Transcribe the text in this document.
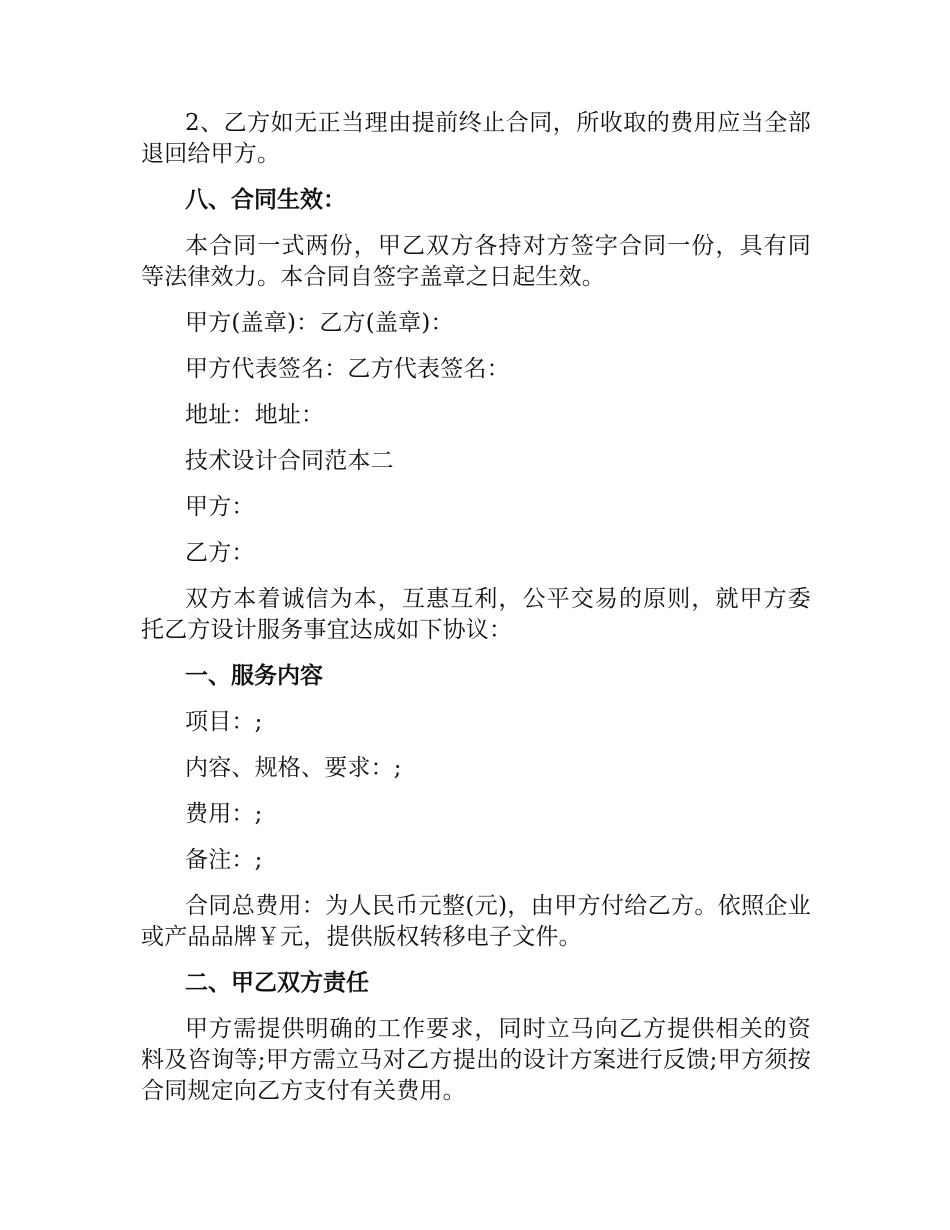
2、乙方如无正当理由提前终止合同，所收取的费用应当全部退回给甲方。

八、合同生效：

本合同一式两份，甲乙双方各持对方签字合同一份，具有同等法律效力。本合同自签字盖章之日起生效。

甲方(盖章)：乙方(盖章)：

甲方代表签名：乙方代表签名：

地址：地址：

技术设计合同范本二

甲方：

乙方：

双方本着诚信为本，互惠互利，公平交易的原则，就甲方委托乙方设计服务事宜达成如下协议：

一、服务内容

项目：;

内容、规格、要求：;

费用：;

备注：;

合同总费用：为人民币元整(元)，由甲方付给乙方。依照企业或产品品牌￥元，提供版权转移电子文件。

二、甲乙双方责任

甲方需提供明确的工作要求，同时立马向乙方提供相关的资料及咨询等;甲方需立马对乙方提出的设计方案进行反馈;甲方须按合同规定向乙方支付有关费用。
